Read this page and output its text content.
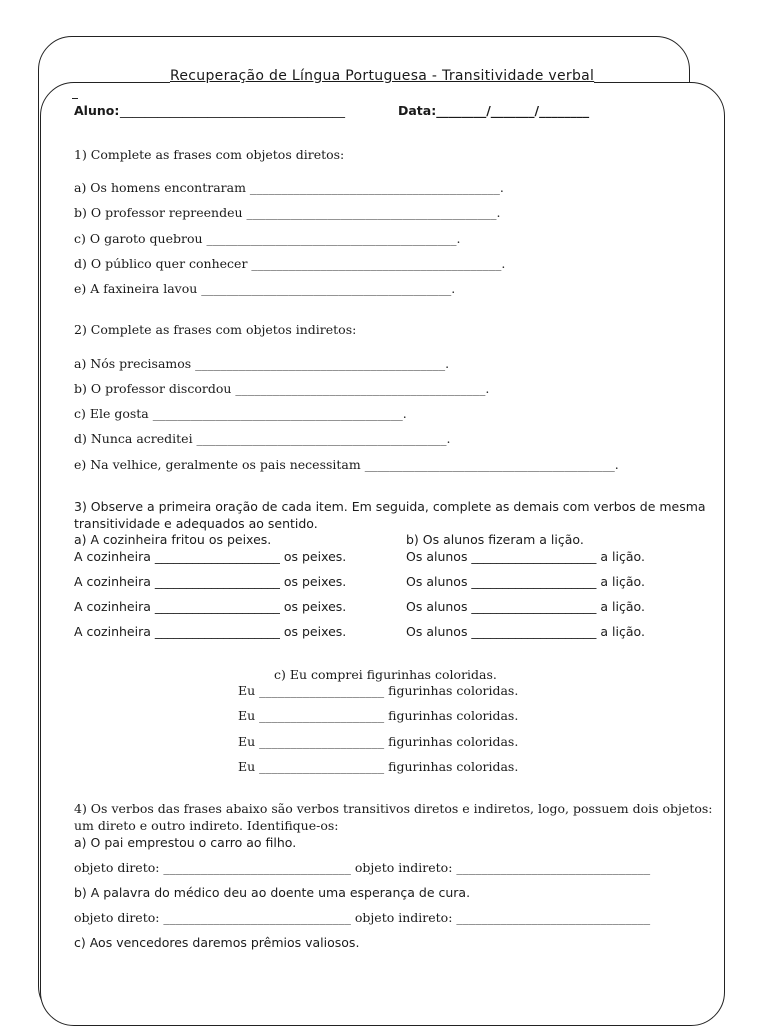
Recuperação de Língua Portuguesa - Transitividade verbal
Aluno: ____________________________________	Data:________/_______/________
1) Complete as frases com objetos diretos:
a) Os homens encontraram ________________________________________.
b) O professor repreendeu ________________________________________.
c) O garoto quebrou ________________________________________.
d) O público quer conhecer ________________________________________.
e) A faxineira lavou ________________________________________.
2) Complete as frases com objetos indiretos:
a) Nós precisamos ________________________________________.
b) O professor discordou ________________________________________.
c) Ele gosta ________________________________________.
d) Nunca acreditei ________________________________________.
e) Na velhice, geralmente os pais necessitam ________________________________________.
3) Observe a primeira oração de cada item. Em seguida, complete as demais com verbos de mesma
transitividade e adequados ao sentido.
a) A cozinheira fritou os peixes.	b) Os alunos fizeram a lição.
A cozinheira ____________________ os peixes.
A cozinheira ____________________ os peixes.
A cozinheira ____________________ os peixes.
A cozinheira ____________________ os peixes.
Os alunos ____________________ a lição.
Os alunos ____________________ a lição.
Os alunos ____________________ a lição.
Os alunos ____________________ a lição.
c) Eu comprei figurinhas coloridas.
Eu ____________________ figurinhas coloridas.
Eu ____________________ figurinhas coloridas.
Eu ____________________ figurinhas coloridas.
Eu ____________________ figurinhas coloridas.
4) Os verbos das frases abaixo são verbos transitivos diretos e indiretos, logo, possuem dois objetos:
um direto e outro indireto. Identifique-os:
a) O pai emprestou o carro ao filho.
objeto direto: ______________________________ objeto indireto: _______________________________
b) A palavra do médico deu ao doente uma esperança de cura.
objeto direto: ______________________________ objeto indireto: _______________________________
c) Aos vencedores daremos prêmios valiosos.
